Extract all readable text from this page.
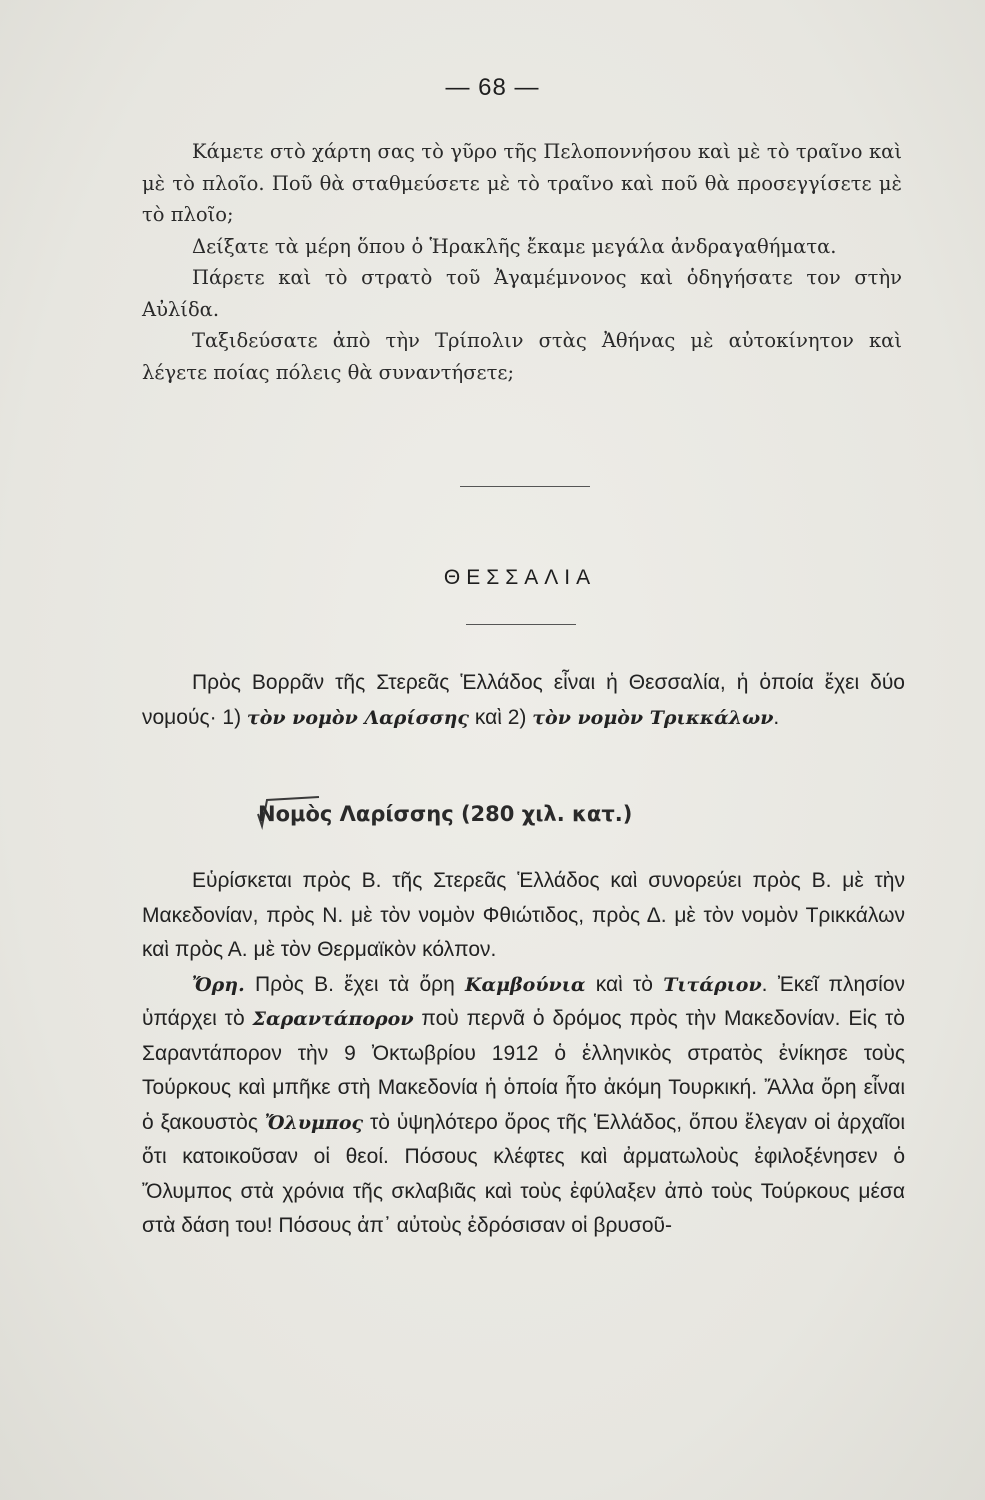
— 68 —

Κάμετε στὸ χάρτη σας τὸ γῦρο τῆς Πελοποννήσου καὶ μὲ τὸ τραῖνο καὶ μὲ τὸ πλοῖο. Ποῦ θὰ σταθμεύσετε μὲ τὸ τραῖνο καὶ ποῦ θὰ προσεγγίσετε μὲ τὸ πλοῖο;

Δείξατε τὰ μέρη ὅπου ὁ Ἡρακλῆς ἔκαμε μεγάλα ἀνδραγαθήματα.

Πάρετε καὶ τὸ στρατὸ τοῦ Ἀγαμέμνονος καὶ ὁδηγήσατε τον στὴν Αὐλίδα.

Ταξιδεύσατε ἀπὸ τὴν Τρίπολιν στὰς Ἀθήνας μὲ αὐτοκίνητον καὶ λέγετε ποίας πόλεις θὰ συναντήσετε;

ΘΕΣΣΑΛΙΑ

Πρὸς Βορρᾶν τῆς Στερεᾶς Ἑλλάδος εἶναι ἡ Θεσσαλία, ἡ ὁποία ἔχει δύο νομούς· 1) τὸν νομὸν Λαρίσσης καὶ 2) τὸν νομὸν Τρικκάλων.

Νομὸς Λαρίσσης (280 χιλ. κατ.)

Εὑρίσκεται πρὸς Β. τῆς Στερεᾶς Ἑλλάδος καὶ συνορεύει πρὸς Β. μὲ τὴν Μακεδονίαν, πρὸς Ν. μὲ τὸν νομὸν Φθιώτιδος, πρὸς Δ. μὲ τὸν νομὸν Τρικκάλων καὶ πρὸς Α. μὲ τὸν Θερμαϊκὸν κόλπον.

Ὄρη. Πρὸς Β. ἔχει τὰ ὄρη Καμβούνια καὶ τὸ Τιτάριον. Ἐκεῖ πλησίον ὑπάρχει τὸ Σαραντάπορον ποὺ περνᾶ ὁ δρόμος πρὸς τὴν Μακεδονίαν. Εἰς τὸ Σαραντάπορον τὴν 9 Ὀκτωβρίου 1912 ὁ ἑλληνικὸς στρατὸς ἐνίκησε τοὺς Τούρκους καὶ μπῆκε στὴ Μακεδονία ἡ ὁποία ἦτο ἀκόμη Τουρκική. Ἄλλα ὄρη εἶναι ὁ ξακουστὸς Ὄλυμπος τὸ ὑψηλότερο ὄρος τῆς Ἑλλάδος, ὅπου ἔλεγαν οἱ ἀρχαῖοι ὅτι κατοικοῦσαν οἱ θεοί. Πόσους κλέφτες καὶ ἀρματωλοὺς ἐφιλοξένησεν ὁ Ὄλυμπος στὰ χρόνια τῆς σκλαβιᾶς καὶ τοὺς ἐφύλαξεν ἀπὸ τοὺς Τούρκους μέσα στὰ δάση του! Πόσους ἀπ᾽ αὐτοὺς ἐδρόσισαν οἱ βρυσοῦ-
